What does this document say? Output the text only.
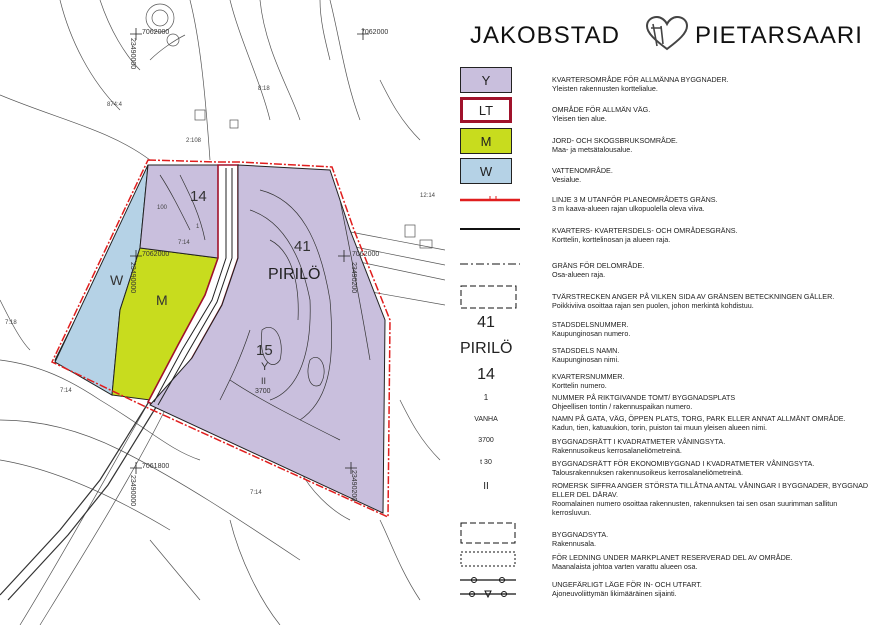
7062000	7062000
7062000	7062000
7061800
23490000
23490000	23490200
23490200
23490000
7:18
7:14
7:14
7:14
12:14
874:4
2:108
8:18
1
100
W
M
14
41
PIRILÖ
15
Y
II
3700
JAKOBSTAD	PIETARSAARI
Y	KVARTERSOMRÅDE FÖR ALLMÄNNA BYGGNADER.
Yleisten rakennusten korttelialue.
LT	OMRÅDE FÖR ALLMÄN VÄG.
Yleisen tien alue.
M	JORD- OCH SKOGSBRUKSOMRÅDE.
Maa- ja metsätalousalue.
W	VATTENOMRÅDE.
Vesialue.
LINJE 3 M UTANFÖR PLANEOMRÅDETS GRÄNS.
3 m kaava-alueen rajan ulkopuolella oleva viiva.
KVARTERS- KVARTERSDELS- OCH OMRÅDESGRÄNS.
Korttelin, korttelinosan ja alueen raja.
GRÄNS FÖR DELOMRÅDE.
Osa-alueen raja.
TVÄRSTRECKEN ANGER PÅ VILKEN SIDA AV GRÄNSEN BETECKNINGEN GÄLLER.
Poikkiviiva osoittaa rajan sen puolen, johon merkintä kohdistuu.
41	STADSDELSNUMMER.
Kaupunginosan numero.
PIRILÖ	STADSDELS NAMN.
Kaupunginosan nimi.
14	KVARTERSNUMMER.
Korttelin numero.
1	NUMMER PÅ RIKTGIVANDE TOMT/ BYGGNADSPLATS
Ohjeellisen tontin / rakennuspaikan numero.
VANHA	NAMN PÅ GATA, VÄG, ÖPPEN PLATS, TORG, PARK ELLER ANNAT ALLMÄNT OMRÅDE.
Kadun, tien, katuaukion, torin, puiston tai muun yleisen alueen nimi.
3700	BYGGNADSRÄTT I KVADRATMETER VÅNINGSYTA.
Rakennusoikeus kerrosalaneliömetreinä.
t 30	BYGGNADSRÄTT FÖR EKONOMIBYGGNAD I KVADRATMETER VÅNINGSYTA.
Talousrakennuksen rakennusoikeus kerrosalaneliömetreinä.
II	ROMERSK SIFFRA ANGER STÖRSTA TILLÅTNA ANTAL VÅNINGAR I BYGGNADER, BYGGNAD ELLER DEL DÄRAV.
Roomalainen numero osoittaa rakennusten, rakennuksen tai sen osan suurimman sallitun kerrosluvun.
BYGGNADSYTA.
Rakennusala.
FÖR LEDNING UNDER MARKPLANET RESERVERAD DEL AV OMRÅDE.
Maanalaista johtoa varten varattu alueen osa.
UNGEFÄRLIGT LÄGE FÖR IN- OCH UTFART.
Ajoneuvoliittymän likimääräinen sijainti.
